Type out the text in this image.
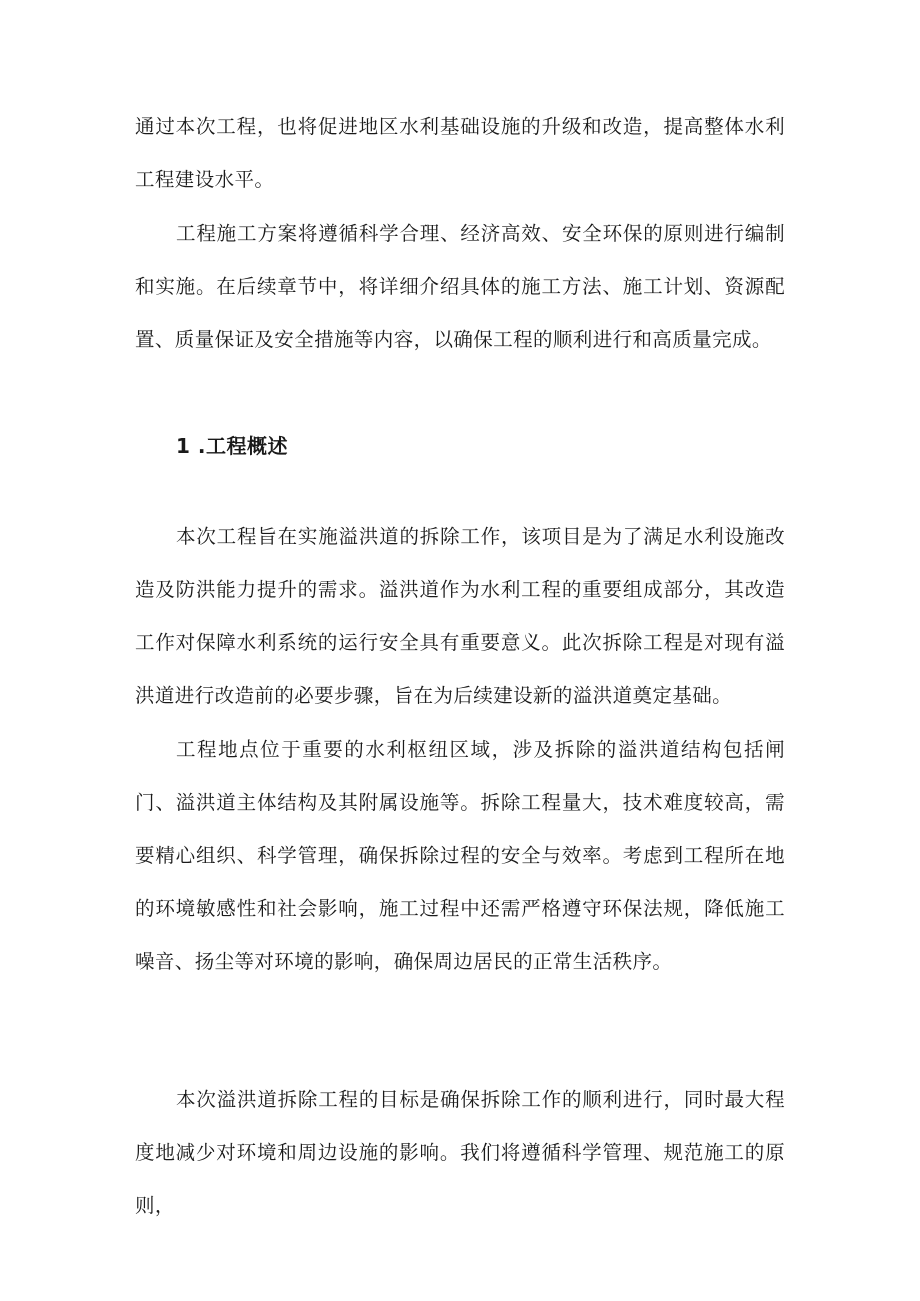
通过本次工程，也将促进地区水利基础设施的升级和改造，提高整体水利工程建设水平。

工程施工方案将遵循科学合理、经济高效、安全环保的原则进行编制和实施。在后续章节中，将详细介绍具体的施工方法、施工计划、资源配置、质量保证及安全措施等内容，以确保工程的顺利进行和高质量完成。

1 .工程概述

本次工程旨在实施溢洪道的拆除工作，该项目是为了满足水利设施改造及防洪能力提升的需求。溢洪道作为水利工程的重要组成部分，其改造工作对保障水利系统的运行安全具有重要意义。此次拆除工程是对现有溢洪道进行改造前的必要步骤，旨在为后续建设新的溢洪道奠定基础。

工程地点位于重要的水利枢纽区域，涉及拆除的溢洪道结构包括闸门、溢洪道主体结构及其附属设施等。拆除工程量大，技术难度较高，需要精心组织、科学管理，确保拆除过程的安全与效率。考虑到工程所在地的环境敏感性和社会影响，施工过程中还需严格遵守环保法规，降低施工噪音、扬尘等对环境的影响，确保周边居民的正常生活秩序。

本次溢洪道拆除工程的目标是确保拆除工作的顺利进行，同时最大程度地减少对环境和周边设施的影响。我们将遵循科学管理、规范施工的原则，
